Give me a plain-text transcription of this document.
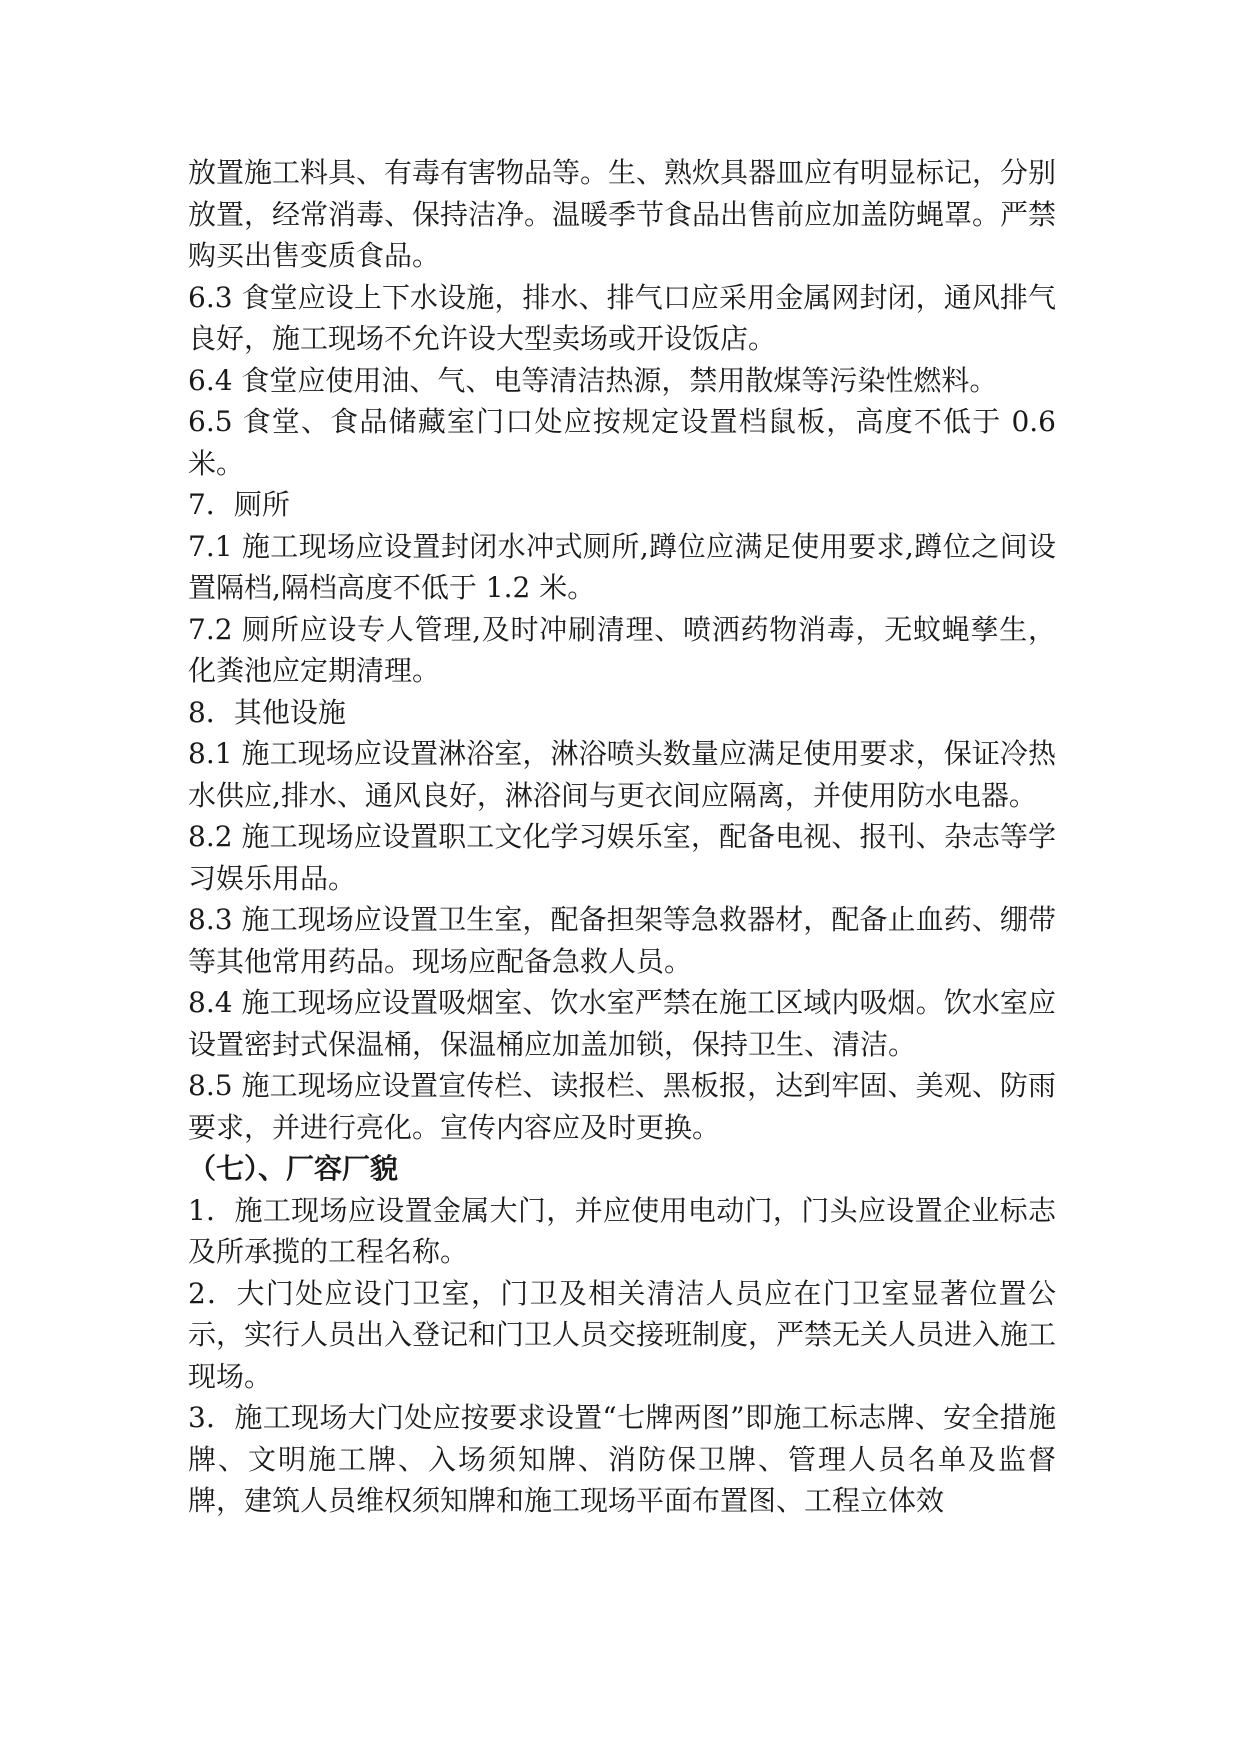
放置施工料具、有毒有害物品等。生、熟炊具器皿应有明显标记，分别放置，经常消毒、保持洁净。温暖季节食品出售前应加盖防蝇罩。严禁购买出售变质食品。

6.3 食堂应设上下水设施，排水、排气口应采用金属网封闭，通风排气良好，施工现场不允许设大型卖场或开设饭店。

6.4 食堂应使用油、气、电等清洁热源，禁用散煤等污染性燃料。

6.5 食堂、食品储藏室门口处应按规定设置档鼠板，高度不低于 0.6 米。

7．厕所

7.1 施工现场应设置封闭水冲式厕所,蹲位应满足使用要求,蹲位之间设置隔档,隔档高度不低于 1.2 米。

7.2 厕所应设专人管理,及时冲刷清理、喷洒药物消毒，无蚊蝇孳生，化粪池应定期清理。

8．其他设施

8.1 施工现场应设置淋浴室，淋浴喷头数量应满足使用要求，保证冷热水供应,排水、通风良好，淋浴间与更衣间应隔离，并使用防水电器。

8.2 施工现场应设置职工文化学习娱乐室，配备电视、报刊、杂志等学习娱乐用品。

8.3 施工现场应设置卫生室，配备担架等急救器材，配备止血药、绷带等其他常用药品。现场应配备急救人员。

8.4 施工现场应设置吸烟室、饮水室严禁在施工区域内吸烟。饮水室应设置密封式保温桶，保温桶应加盖加锁，保持卫生、清洁。

8.5 施工现场应设置宣传栏、读报栏、黑板报，达到牢固、美观、防雨要求，并进行亮化。宣传内容应及时更换。

（七）、厂容厂貌

1．施工现场应设置金属大门，并应使用电动门，门头应设置企业标志及所承揽的工程名称。

2．大门处应设门卫室，门卫及相关清洁人员应在门卫室显著位置公示，实行人员出入登记和门卫人员交接班制度，严禁无关人员进入施工现场。

3．施工现场大门处应按要求设置“七牌两图”即施工标志牌、安全措施牌、文明施工牌、入场须知牌、消防保卫牌、管理人员名单及监督　　牌，建筑人员维权须知牌和施工现场平面布置图、工程立体效
